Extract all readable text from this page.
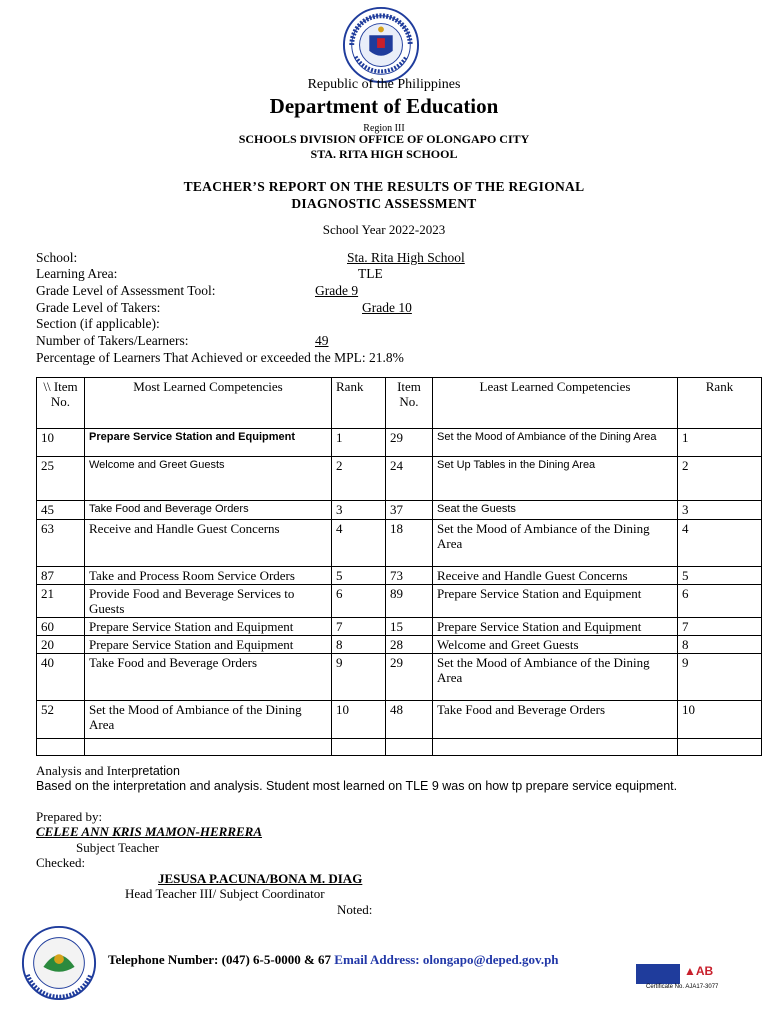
Republic of the Philippines
Department of Education
Region III
SCHOOLS DIVISION OFFICE OF OLONGAPO CITY
STA. RITA HIGH SCHOOL
TEACHER’S REPORT ON THE RESULTS OF THE REGIONAL
DIAGNOSTIC ASSESSMENT
School Year 2022-2023
School:	Sta. Rita High School
Learning Area:	TLE
Grade Level of Assessment Tool:	Grade 9
Grade Level of Takers:	Grade 10
Section (if applicable):
Number of Takers/Learners:	49
Percentage of Learners That Achieved or exceeded the MPL: 21.8%
\\ Item No.	Most Learned Competencies	Rank	Item No.	Least Learned Competencies	Rank
10	Prepare Service Station and Equipment	1	29	Set the Mood of Ambiance of the Dining Area	1
25	Welcome and Greet Guests	2	24	Set Up Tables in the Dining Area	2
45	Take Food and Beverage Orders	3	37	Seat the Guests	3
63	Receive and Handle Guest Concerns	4	18	Set the Mood of Ambiance of the Dining
Area	4
87	Take and Process Room Service Orders	5	73	Receive and Handle Guest Concerns	5
21	Provide Food and Beverage Services to Guests	6	89	Prepare Service Station and Equipment	6
60	Prepare Service Station and Equipment	7	15	Prepare Service Station and Equipment	7
20	Prepare Service Station and Equipment	8	28	Welcome and Greet Guests	8
40	Take Food and Beverage Orders	9	29	Set the Mood of Ambiance of the Dining
Area	9
52	Set the Mood of Ambiance of the Dining
Area	10	48	Take Food and Beverage Orders	10

Analysis and Interpretation
Based on the interpretation and analysis. Student most learned on TLE 9 was on how tp prepare service equipment.
Prepared by:
CELEE ANN KRIS MAMON-HERRERA
Subject Teacher
Checked:
JESUSA P.ACUNA/BONA M. DIAG
Head Teacher III/ Subject Coordinator
Noted:
Telephone Number: (047) 6-5-0000 & 67 Email Address: olongapo@deped.gov.ph
▲AB
Certificate No. AJA17-3077
